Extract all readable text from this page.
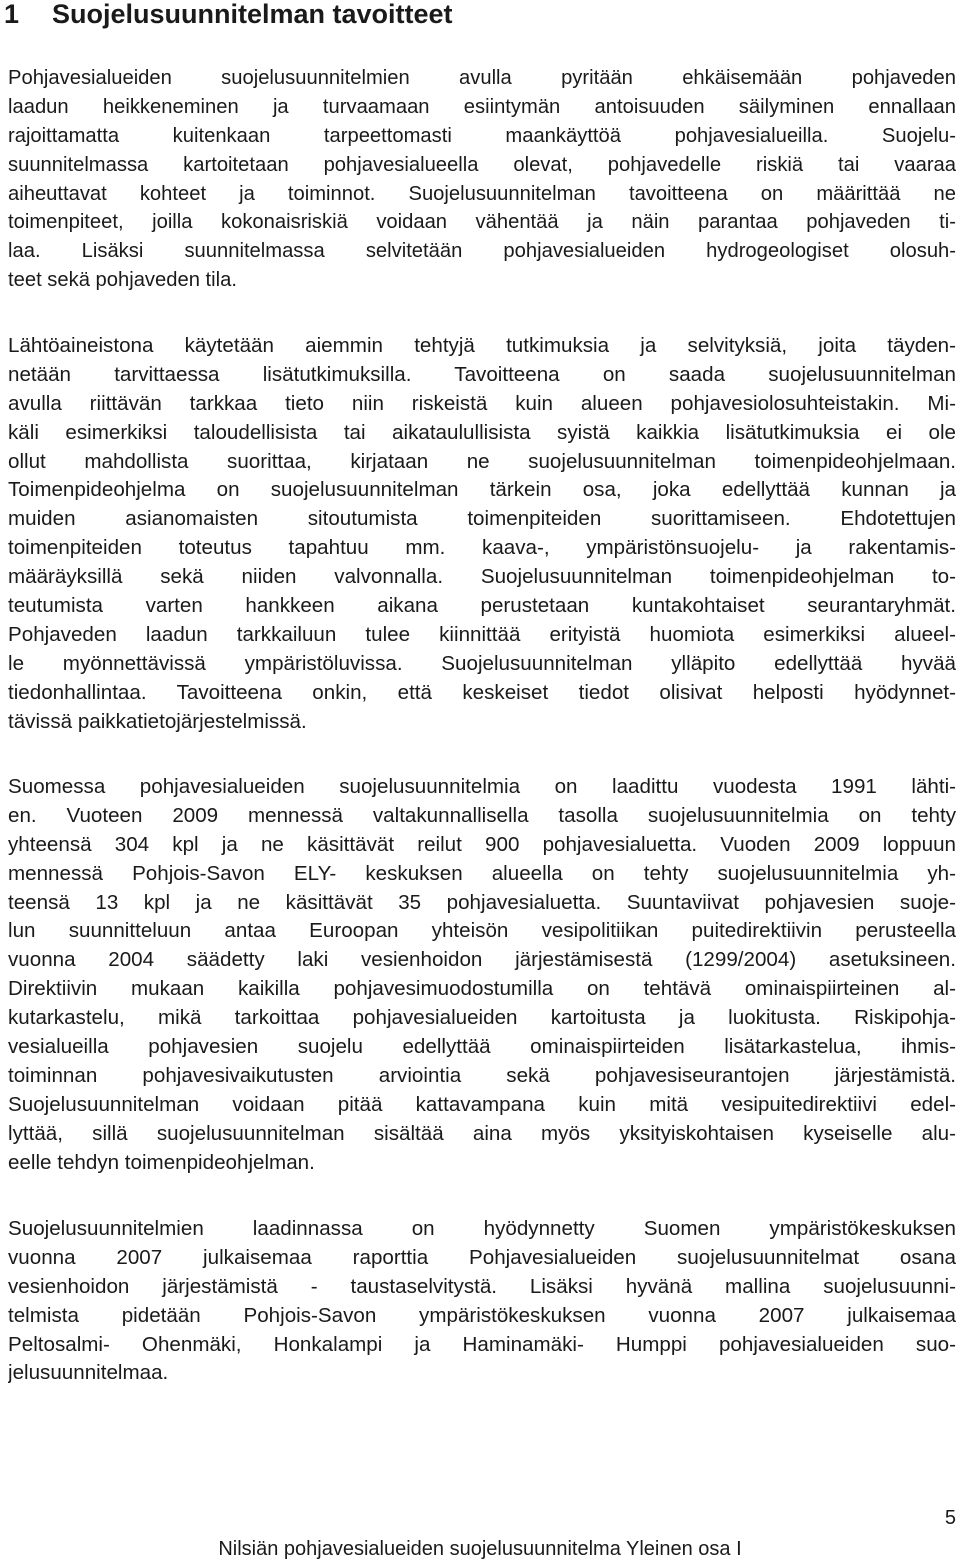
1 Suojelusuunnitelman tavoitteet
Pohjavesialueiden suojelusuunnitelmien avulla pyritään ehkäisemään pohjaveden
laadun heikkeneminen ja turvaamaan esiintymän antoisuuden säilyminen ennallaan
rajoittamatta kuitenkaan tarpeettomasti maankäyttöä pohjavesialueilla. Suojelu-
suunnitelmassa kartoitetaan pohjavesialueella olevat, pohjavedelle riskiä tai vaaraa
aiheuttavat kohteet ja toiminnot. Suojelusuunnitelman tavoitteena on määrittää ne
toimenpiteet, joilla kokonaisriskiä voidaan vähentää ja näin parantaa pohjaveden ti-
laa. Lisäksi suunnitelmassa selvitetään pohjavesialueiden hydrogeologiset olosuh-
teet sekä pohjaveden tila.
Lähtöaineistona käytetään aiemmin tehtyjä tutkimuksia ja selvityksiä, joita täyden-
netään tarvittaessa lisätutkimuksilla. Tavoitteena on saada suojelusuunnitelman
avulla riittävän tarkkaa tieto niin riskeistä kuin alueen pohjavesiolosuhteistakin. Mi-
käli esimerkiksi taloudellisista tai aikataulullisista syistä kaikkia lisätutkimuksia ei ole
ollut mahdollista suorittaa, kirjataan ne suojelusuunnitelman toimenpideohjelmaan.
Toimenpideohjelma on suojelusuunnitelman tärkein osa, joka edellyttää kunnan ja
muiden asianomaisten sitoutumista toimenpiteiden suorittamiseen. Ehdotettujen
toimenpiteiden toteutus tapahtuu mm. kaava-, ympäristönsuojelu- ja rakentamis-
määräyksillä sekä niiden valvonnalla. Suojelusuunnitelman toimenpideohjelman to-
teutumista varten hankkeen aikana perustetaan kuntakohtaiset seurantaryhmät.
Pohjaveden laadun tarkkailuun tulee kiinnittää erityistä huomiota esimerkiksi alueel-
le myönnettävissä ympäristöluvissa. Suojelusuunnitelman ylläpito edellyttää hyvää
tiedonhallintaa. Tavoitteena onkin, että keskeiset tiedot olisivat helposti hyödynnet-
tävissä paikkatietojärjestelmissä.
Suomessa pohjavesialueiden suojelusuunnitelmia on laadittu vuodesta 1991 lähti-
en. Vuoteen 2009 mennessä valtakunnallisella tasolla suojelusuunnitelmia on tehty
yhteensä 304 kpl ja ne käsittävät reilut 900 pohjavesialuetta. Vuoden 2009 loppuun
mennessä Pohjois-Savon ELY- keskuksen alueella on tehty suojelusuunnitelmia yh-
teensä 13 kpl ja ne käsittävät 35 pohjavesialuetta. Suuntaviivat pohjavesien suoje-
lun suunnitteluun antaa Euroopan yhteisön vesipolitiikan puitedirektiivin perusteella
vuonna 2004 säädetty laki vesienhoidon järjestämisestä (1299/2004) asetuksineen.
Direktiivin mukaan kaikilla pohjavesimuodostumilla on tehtävä ominaispiirteinen al-
kutarkastelu, mikä tarkoittaa pohjavesialueiden kartoitusta ja luokitusta. Riskipohja-
vesialueilla pohjavesien suojelu edellyttää ominaispiirteiden lisätarkastelua, ihmis-
toiminnan pohjavesivaikutusten arviointia sekä pohjavesiseurantojen järjestämistä.
Suojelusuunnitelman voidaan pitää kattavampana kuin mitä vesipuitedirektiivi edel-
lyttää, sillä suojelusuunnitelman sisältää aina myös yksityiskohtaisen kyseiselle alu-
eelle tehdyn toimenpideohjelman.
Suojelusuunnitelmien laadinnassa on hyödynnetty Suomen ympäristökeskuksen
vuonna 2007 julkaisemaa raporttia Pohjavesialueiden suojelusuunnitelmat osana
vesienhoidon järjestämistä - taustaselvitystä. Lisäksi hyvänä mallina suojelusuunni-
telmista pidetään Pohjois-Savon ympäristökeskuksen vuonna 2007 julkaisemaa
Peltosalmi- Ohenmäki, Honkalampi ja Haminamäki- Humppi pohjavesialueiden suo-
jelusuunnitelmaa.
5
Nilsiän pohjavesialueiden suojelusuunnitelma Yleinen osa I
